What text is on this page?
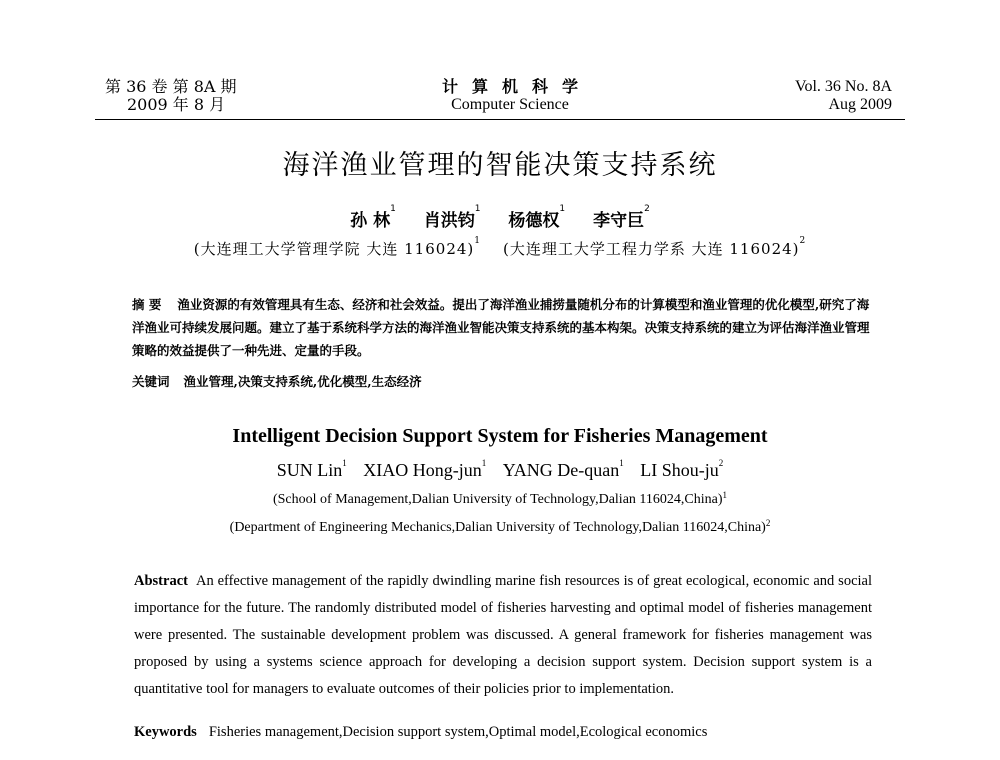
第 36 卷 第 8A 期
2009 年 8 月
计算机科学
Computer Science
Vol. 36 No. 8A
Aug 2009
海洋渔业管理的智能决策支持系统
孙 林$^1$ 肖洪钧$^1$ 杨德权$^1$ 李守巨$^2$
(大连理工大学管理学院 大连 116024)$^1$ (大连理工大学工程力学系 大连 116024)$^2$
摘 要 渔业资源的有效管理具有生态、经济和社会效益。提出了海洋渔业捕捞量随机分布的计算模型和渔业管理的优化模型,研究了海洋渔业可持续发展问题。建立了基于系统科学方法的海洋渔业智能决策支持系统的基本构架。决策支持系统的建立为评估海洋渔业管理策略的效益提供了一种先进、定量的手段。
关键词 渔业管理,决策支持系统,优化模型,生态经济
Intelligent Decision Support System for Fisheries Management
SUN Lin$^1$ XIAO Hong-jun$^1$ YANG De-quan$^1$ LI Shou-$ju^2$
(School of Management,Dalian University of Technology,Dalian 116024,China)$^1$
(Department of Engineering Mechanics,Dalian University of Technology,Dalian 116024,China)$^2$
Abstract An effective management of the rapidly dwindling marine fish resources is of great ecological, economic and social importance for the future. The randomly distributed model of fisheries harvesting and optimal model of fisheries management were presented. The sustainable development problem was discussed. A general framework for fisheries management was proposed by using a systems science approach for developing a decision support system. Decision support system is a quantitative tool for managers to evaluate outcomes of their policies prior to implementation.
Keywords Fisheries management,Decision support system,Optimal model,Ecological economics
